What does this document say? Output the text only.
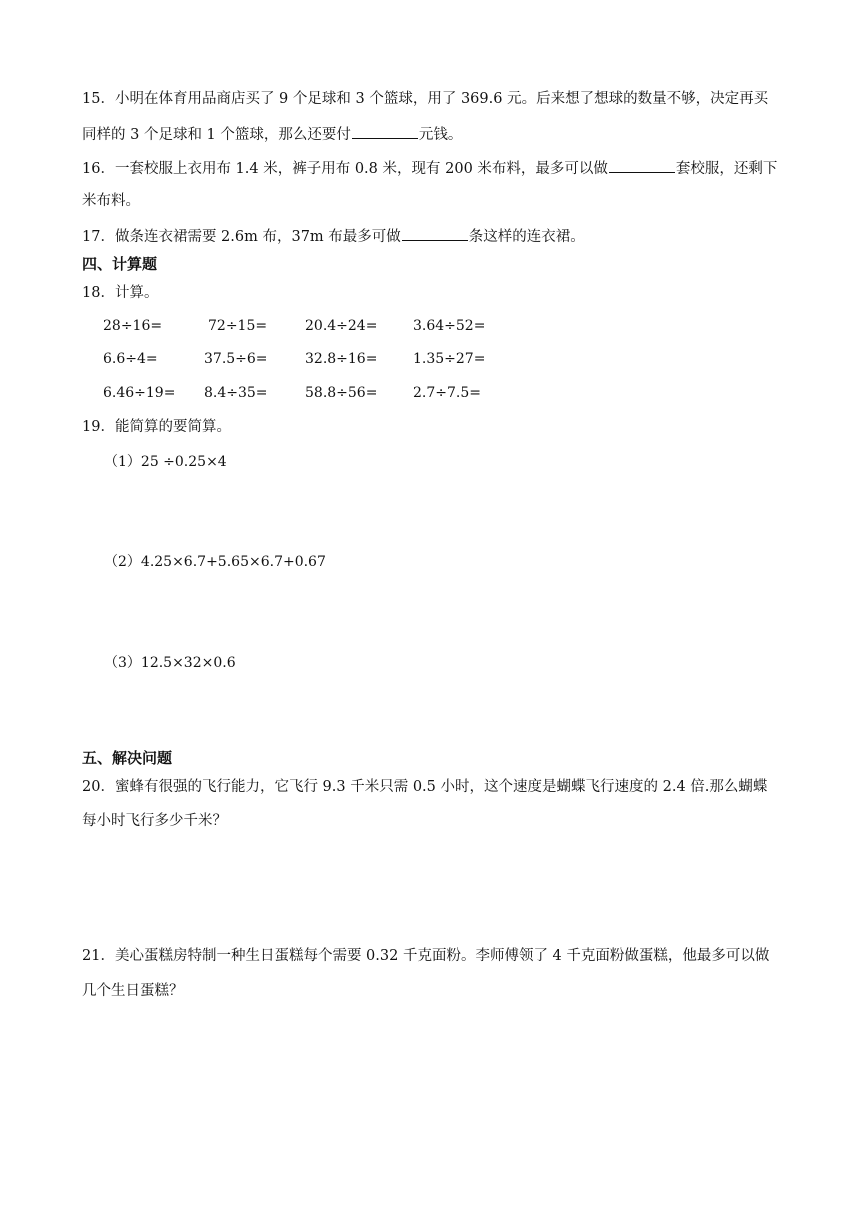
15．小明在体育用品商店买了 9 个足球和 3 个篮球，用了 369.6 元。后来想了想球的数量不够，决定再买
同样的 3 个足球和 1 个篮球，那么还要付	元钱。
16．一套校服上衣用布 1.4 米，裤子用布 0.8 米，现有 200 米布料，最多可以做	套校服，还剩下
米布料。
17．做条连衣裙需要 2.6m 布，37m 布最多可做	条这样的连衣裙。
四、计算题
18．计算。
28÷16=	72÷15=	20.4÷24=	3.64÷52=
6.6÷4=	37.5÷6=	32.8÷16=	1.35÷27=
6.46÷19= 8.4÷35=	58.8÷56=	2.7÷7.5=
19．能简算的要简算。
（1）25 ÷0.25×4
（2）4.25×6.7+5.65×6.7+0.67
（3）12.5×32×0.6
五、解决问题
20．蜜蜂有很强的飞行能力，它飞行 9.3 千米只需 0.5 小时，这个速度是蝴蝶飞行速度的 2.4 倍.那么蝴蝶
每小时飞行多少千米？
21．美心蛋糕房特制一种生日蛋糕每个需要 0.32 千克面粉。李师傅领了 4 千克面粉做蛋糕，他最多可以做
几个生日蛋糕？
